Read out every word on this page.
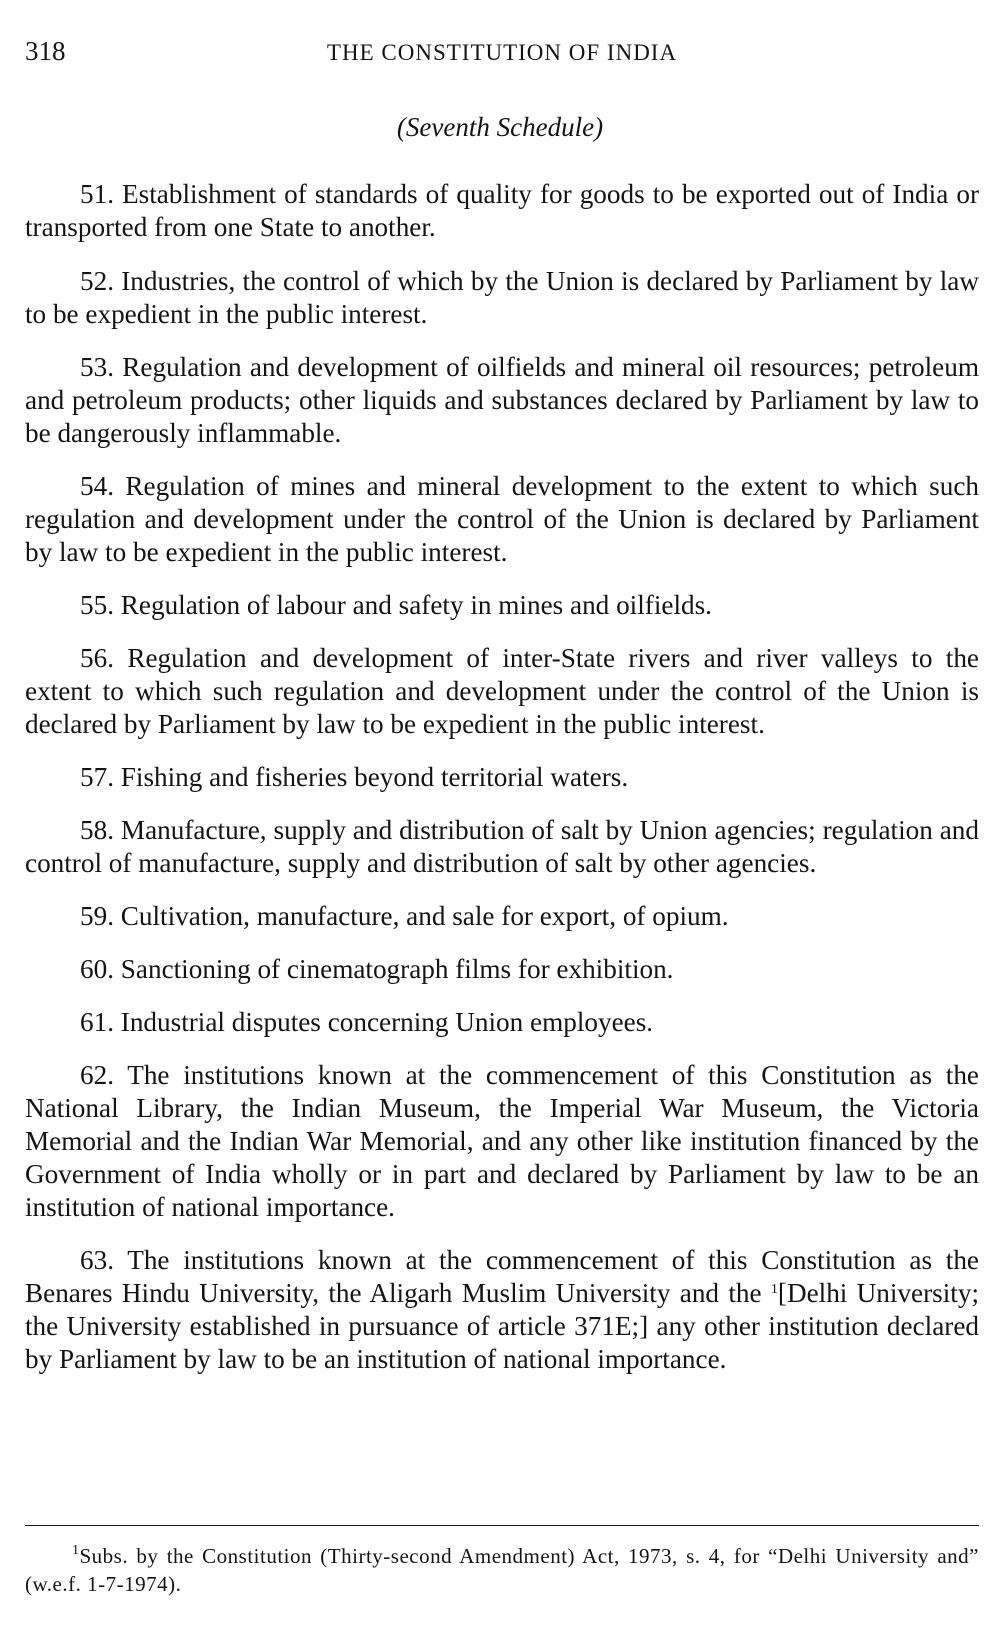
318	THE CONSTITUTION OF INDIA
(Seventh Schedule)

51. Establishment of standards of quality for goods to be exported out of India or transported from one State to another.

52. Industries, the control of which by the Union is declared by Parliament by law to be expedient in the public interest.

53. Regulation and development of oilfields and mineral oil resources; petroleum and petroleum products; other liquids and substances declared by Parliament by law to be dangerously inflammable.

54. Regulation of mines and mineral development to the extent to which such regulation and development under the control of the Union is declared by Parliament by law to be expedient in the public interest.

55. Regulation of labour and safety in mines and oilfields.

56. Regulation and development of inter-State rivers and river valleys to the extent to which such regulation and development under the control of the Union is declared by Parliament by law to be expedient in the public interest.

57. Fishing and fisheries beyond territorial waters.

58. Manufacture, supply and distribution of salt by Union agencies; regulation and control of manufacture, supply and distribution of salt by other agencies.

59. Cultivation, manufacture, and sale for export, of opium.

60. Sanctioning of cinematograph films for exhibition.

61. Industrial disputes concerning Union employees.

62. The institutions known at the commencement of this Constitution as the National Library, the Indian Museum, the Imperial War Museum, the Victoria Memorial and the Indian War Memorial, and any other like institution financed by the Government of India wholly or in part and declared by Parliament by law to be an institution of national importance.

63. The institutions known at the commencement of this Constitution as the Benares Hindu University, the Aligarh Muslim University and the $^1$[Delhi University; the University established in pursuance of article 371E;] any other institution declared by Parliament by law to be an institution of national importance.

$^1$Subs. by the Constitution (Thirty-second Amendment) Act, 1973, s. 4, for “Delhi University and” (w.e.f. 1-7-1974).
